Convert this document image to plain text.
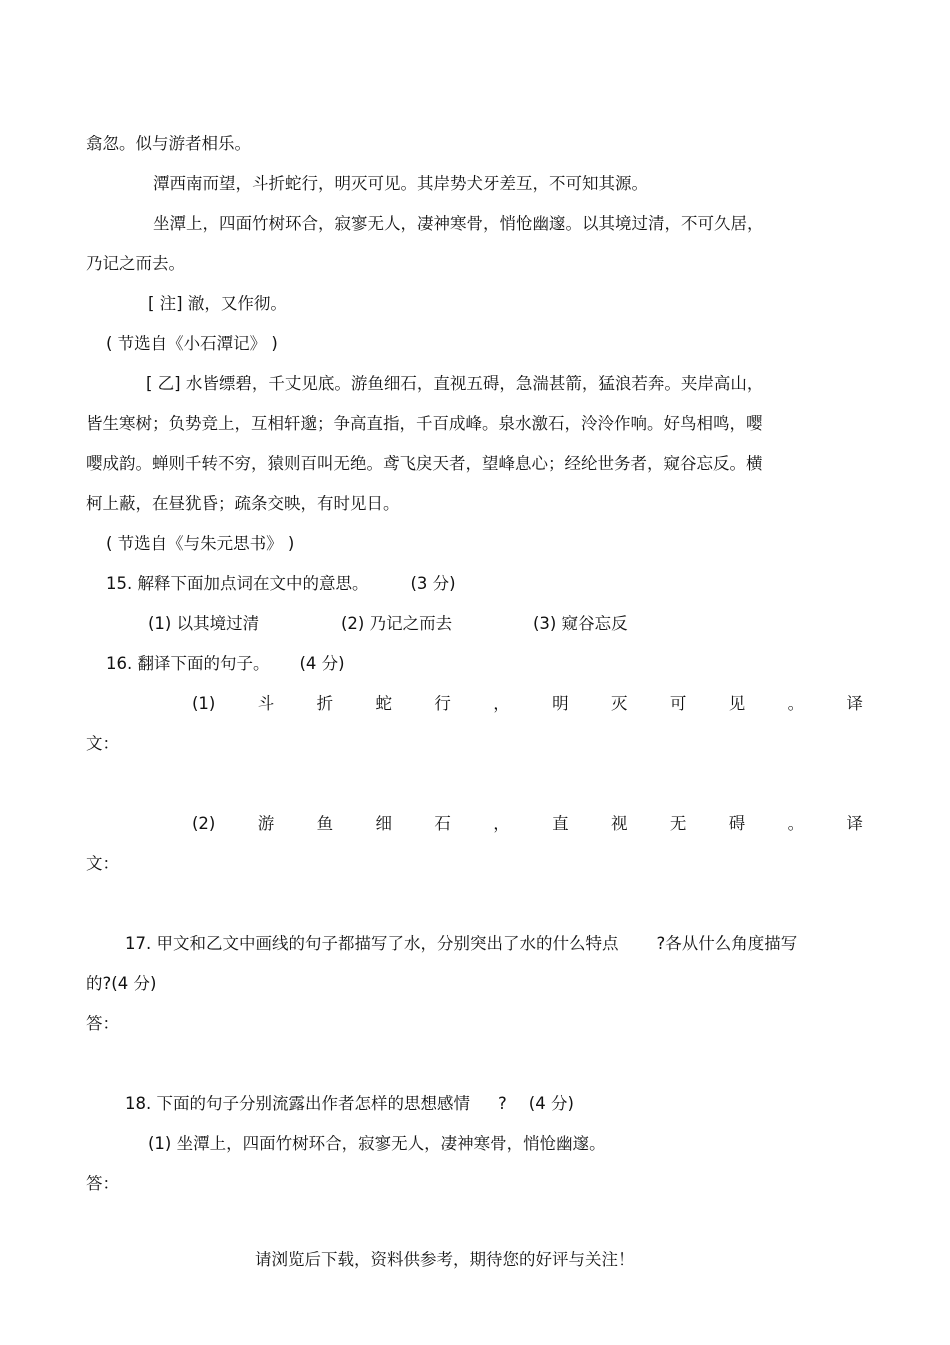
翕忽。似与游者相乐。
潭西南而望，斗折蛇行，明灭可见。其岸势犬牙差互，不可知其源。
坐潭上，四面竹树环合，寂寥无人，凄神寒骨，悄怆幽邃。以其境过清，不可久居，
乃记之而去。
[ 注] 澈，又作彻。
( 节选自《小石潭记》 )
[ 乙] 水皆缥碧，千丈见底。游鱼细石，直视五碍，急湍甚箭，猛浪若奔。夹岸高山，
皆生寒树；负势竞上，互相轩邈；争高直指，千百成峰。泉水激石，泠泠作响。好鸟相鸣，嘤
嘤成韵。蝉则千转不穷，猿则百叫无绝。鸢飞戾天者，望峰息心；经纶世务者，窥谷忘反。横
柯上蔽，在昼犹昏；疏条交映，有时见日。
( 节选自《与朱元思书》 )
15. 解释下面加点词在文中的意思。	(3 分)
(1) 以其境过清	(2) 乃记之而去	(3) 窥谷忘反
16. 翻译下面的句子。 (4 分)
(1)	斗	折	蛇	行	，	明	灭	可	见	。	译
文：
(2)	游	鱼	细	石	，	直	视	无	碍	。	译
文：
17. 甲文和乙文中画线的句子都描写了水，分别突出了水的什么特点 ?各从什么角度描写
的?(4 分)
答：
18. 下面的句子分别流露出作者怎样的思想感情 ? (4 分)
(1) 坐潭上，四面竹树环合，寂寥无人，凄神寒骨，悄怆幽邃。
答：
请浏览后下载，资料供参考，期待您的好评与关注！
